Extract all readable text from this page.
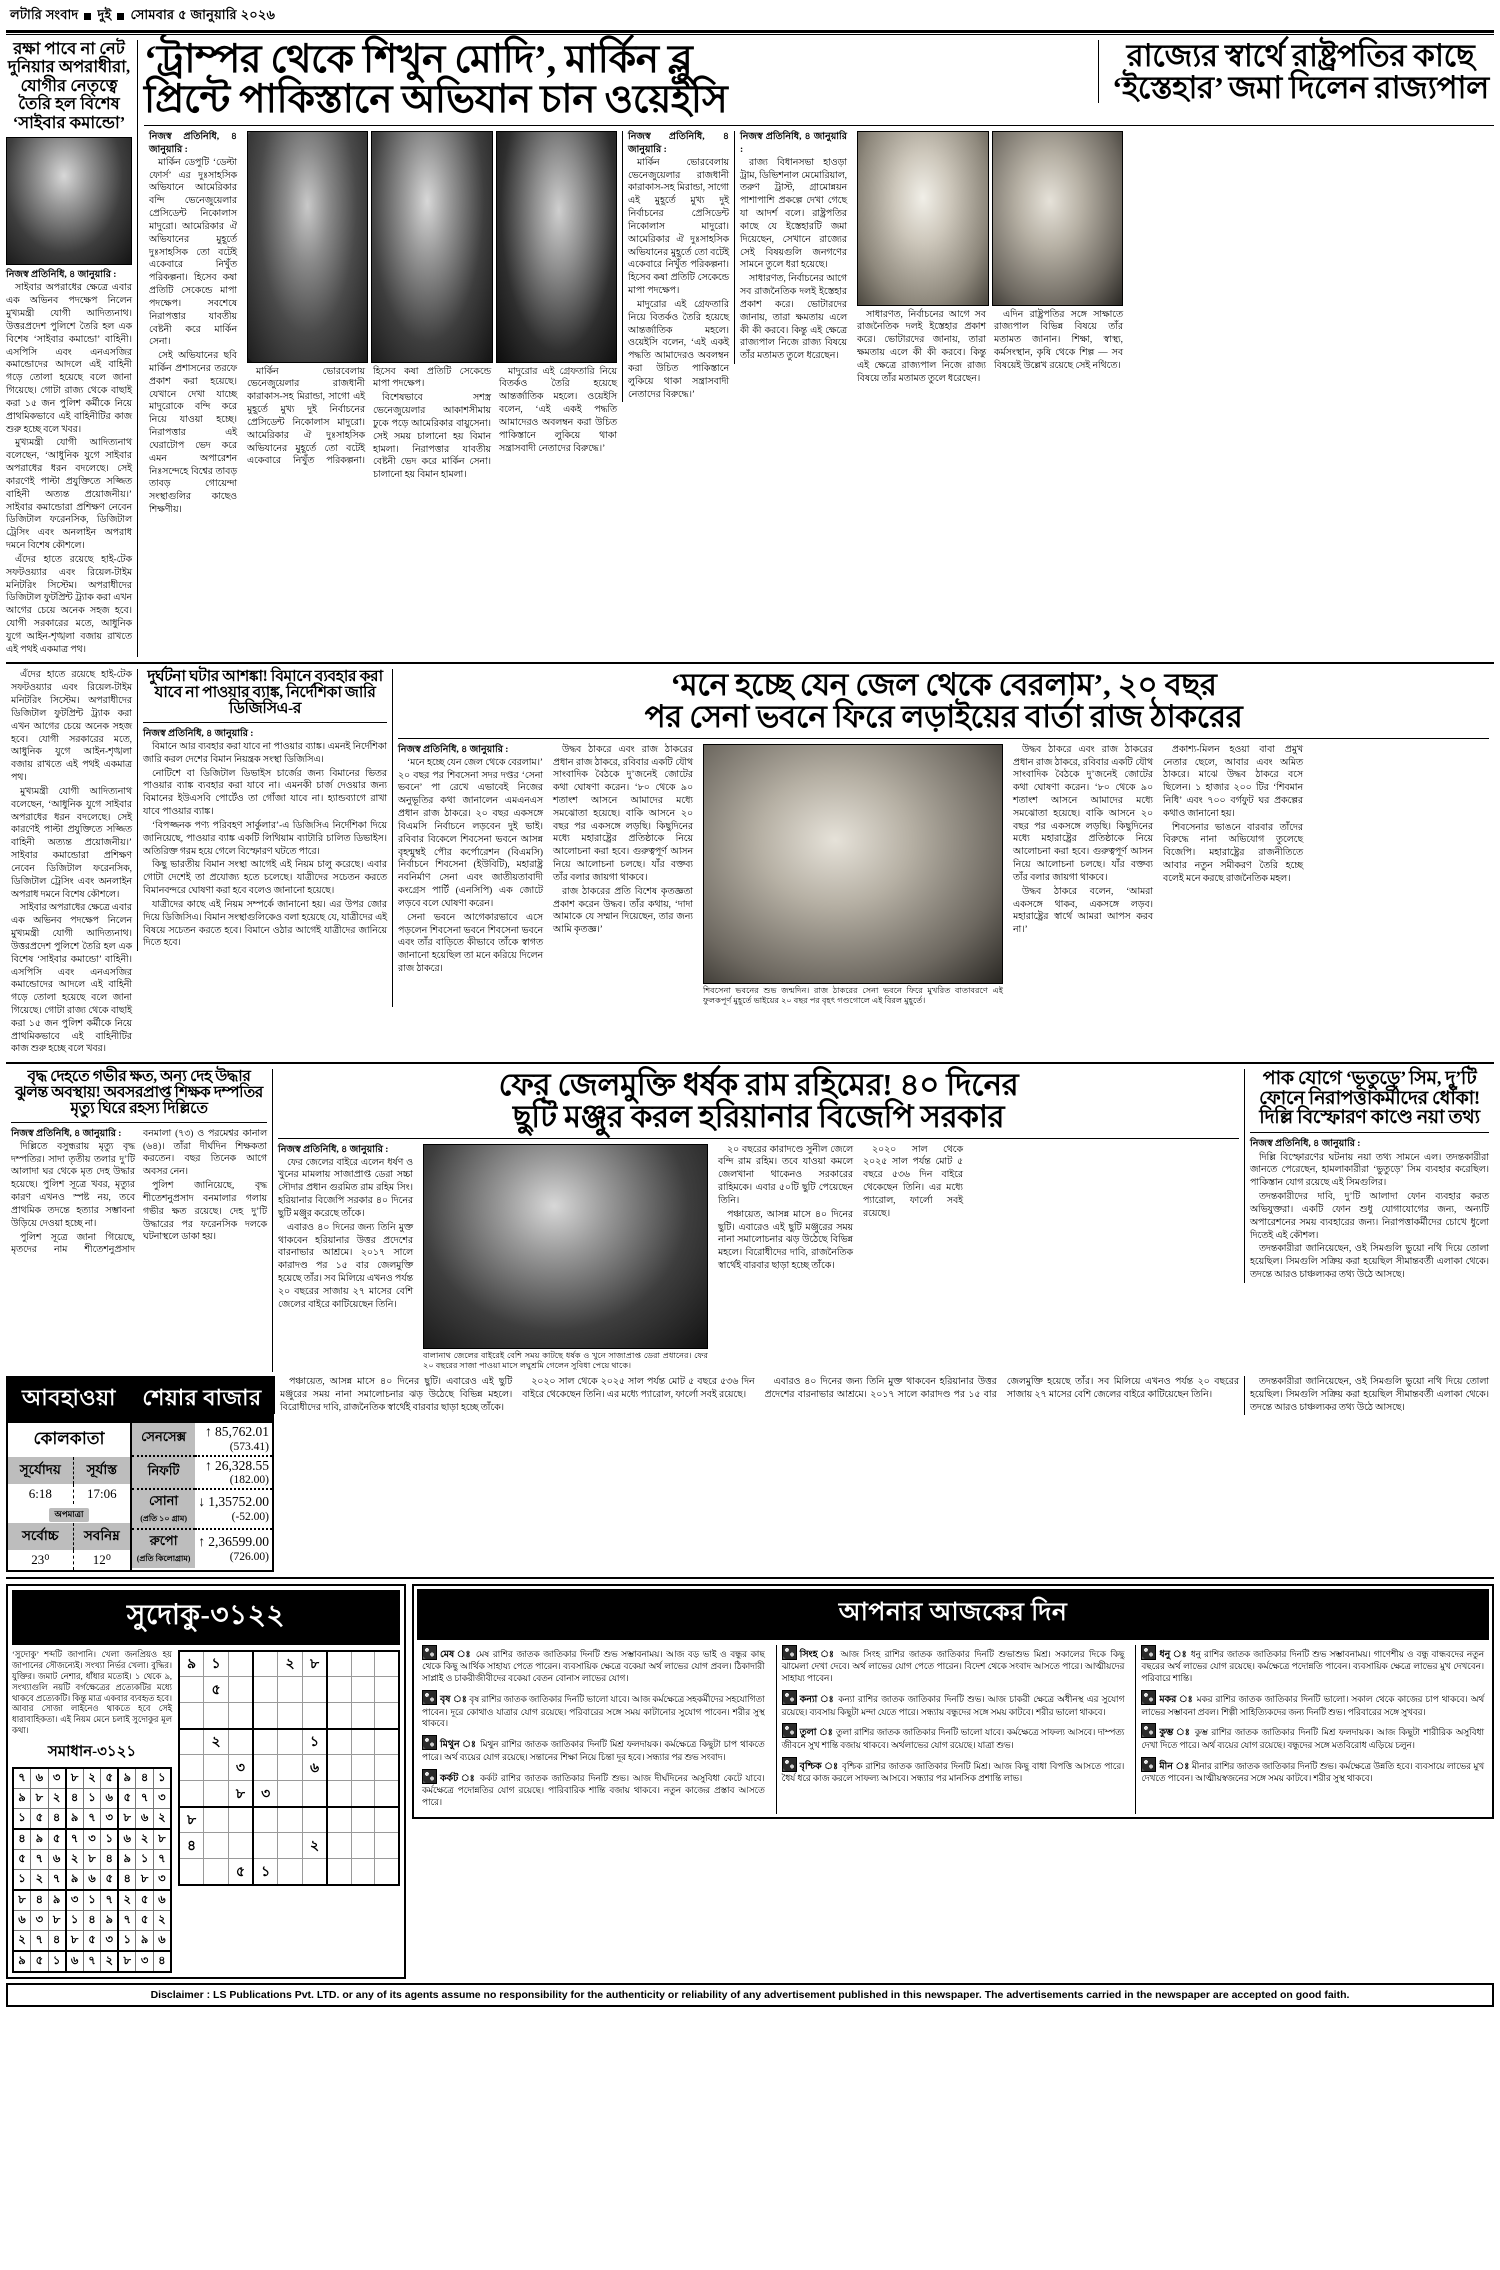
লটারি সংবাদ দুই সোমবার ৫ জানুয়ারি ২০২৬
রক্ষা পাবে না নেট দুনিয়ার অপরাধীরা, যোগীর নেতৃত্বে তৈরি হল বিশেষ ‘সাইবার কমান্ডো’
নিজস্ব প্রতিনিধি, ৪ জানুয়ারি :

সাইবার অপরাধের ক্ষেত্রে এবার এক অভিনব পদক্ষেপ নিলেন মুখ্যমন্ত্রী যোগী আদিত্যনাথ। উত্তরপ্রদেশ পুলিশে তৈরি হল এক বিশেষ ‘সাইবার কমান্ডো’ বাহিনী। এসপিসি এবং এনএসজির কমান্ডোদের আদলে এই বাহিনী গড়ে তোলা হয়েছে বলে জানা গিয়েছে। গোটা রাজ্য থেকে বাছাই করা ১৫ জন পুলিশ কর্মীকে নিয়ে প্রাথমিকভাবে এই বাহিনীটির কাজ শুরু হচ্ছে বলে খবর।

মুখ্যমন্ত্রী যোগী আদিত্যনাথ বলেছেন, ‘আধুনিক যুগে সাইবার অপরাধের ধরন বদলেছে। সেই কারণেই পাল্টা প্রযুক্তিতে সজ্জিত বাহিনী অত্যন্ত প্রয়োজনীয়।’ সাইবার কমান্ডোরা প্রশিক্ষণ নেবেন ডিজিটাল ফরেনসিক, ডিজিটাল ট্রেসিং এবং অনলাইন অপরাধ দমনে বিশেষ কৌশলে।

এঁদের হাতে রয়েছে হাই-টেক সফটওয়্যার এবং রিয়েল-টাইম মনিটরিং সিস্টেম। অপরাধীদের ডিজিটাল ফুটপ্রিন্ট ট্র্যাক করা এখন আগের চেয়ে অনেক সহজ হবে। যোগী সরকারের মতে, আধুনিক যুগে আইন-শৃঙ্খলা বজায় রাখতে এই পথই একমাত্র পথ।

‘ট্রাম্পর থেকে শিখুন মোদি’, মার্কিন ব্লু
প্রিন্টে পাকিস্তানে অভিযান চান ওয়েইসি
রাজ্যের স্বার্থে রাষ্ট্রপতির কাছে
‘ইস্তেহার’ জমা দিলেন রাজ্যপাল
নিজস্ব প্রতিনিধি, ৪ জানুয়ারি :

মার্কিন ডেপুটি ‘ডেল্টা ফোর্স’ এর দুঃসাহসিক অভিযানে আমেরিকার বন্দি ভেনেজুয়েলার প্রেসিডেন্ট নিকোলাস মাদুরো। আমেরিকার ঐ অভিযানের মুহূর্তে দুঃসাহসিক তো বটেই একেবারে নিখুঁত পরিকল্পনা। হিসেব কষা প্রতিটি সেকেন্ডে মাপা পদক্ষেপ। সবশেষে নিরাপত্তার যাবতীয় বেষ্টনী করে মার্কিন সেনা।

সেই অভিযানের ছবি মার্কিন প্রশাসনের তরফে প্রকাশ করা হয়েছে। যেখানে দেখা যাচ্ছে মাদুরোকে বন্দি করে নিয়ে যাওয়া হচ্ছে। নিরাপত্তার এই ঘেরাটোপ ভেদ করে এমন অপারেশন নিঃসন্দেহে বিশ্বের তাবড় তাবড় গোয়েন্দা সংস্থাগুলির কাছেও শিক্ষণীয়।

মার্কিন ভোরবেলায় ভেনেজুয়েলার রাজধানী কারাকাস-সহ মিরান্ডা, সাগো এই মুহূর্তে মুখ্য দুই নির্বাচনের প্রেসিডেন্ট নিকোলাস মাদুরো। আমেরিকার ঐ দুঃসাহসিক অভিযানের মুহূর্তে তো বটেই একেবারে নিখুঁত পরিকল্পনা। হিসেব কষা প্রতিটি সেকেন্ডে মাপা পদক্ষেপ।

বিশেষভাবে সশস্ত্র ভেনেজুয়েলার আকাশসীমায় ঢুকে পড়ে আমেরিকার বায়ুসেনা। সেই সময় চালানো হয় বিমান হামলা। নিরাপত্তার যাবতীয় বেষ্টনী ভেদ করে মার্কিন সেনা। চালানো হয় বিমান হামলা।

মাদুরোর এই গ্রেফতারি নিয়ে বিতর্কও তৈরি হয়েছে আন্তর্জাতিক মহলে। ওয়েইসি বলেন, ‘এই একই পদ্ধতি আমাদেরও অবলম্বন করা উচিত পাকিস্তানে লুকিয়ে থাকা সন্ত্রাসবাদী নেতাদের বিরুদ্ধে।’

নিজস্ব প্রতিনিধি, ৪ জানুয়ারি :

মার্কিন ভোরবেলায় ভেনেজুয়েলার রাজধানী কারাকাস-সহ মিরান্ডা, সাগো এই মুহূর্তে মুখ্য দুই নির্বাচনের প্রেসিডেন্ট নিকোলাস মাদুরো। আমেরিকার ঐ দুঃসাহসিক অভিযানের মুহূর্তে তো বটেই একেবারে নিখুঁত পরিকল্পনা। হিসেব কষা প্রতিটি সেকেন্ডে মাপা পদক্ষেপ।

মাদুরোর এই গ্রেফতারি নিয়ে বিতর্কও তৈরি হয়েছে আন্তর্জাতিক মহলে। ওয়েইসি বলেন, ‘এই একই পদ্ধতি আমাদেরও অবলম্বন করা উচিত পাকিস্তানে লুকিয়ে থাকা সন্ত্রাসবাদী নেতাদের বিরুদ্ধে।’

নিজস্ব প্রতিনিধি, ৪ জানুয়ারি :

রাজ্য বিধানসভা হাওড়া ট্রাম, ডিভিশনাল মেমোরিয়াল, তরুণ ট্রাস্ট, গ্রামোন্নয়ন পাশাপাশি প্রকল্পে দেখা গেছে যা আদর্শ বলে। রাষ্ট্রপতির কাছে যে ইস্তেহারটি জমা দিয়েছেন, সেখানে রাজ্যের সেই বিষয়গুলি জনগণের সামনে তুলে ধরা হয়েছে।

সাধারণত, নির্বাচনের আগে সব রাজনৈতিক দলই ইস্তেহার প্রকাশ করে। ভোটারদের জানায়, তারা ক্ষমতায় এলে কী কী করবে। কিন্তু এই ক্ষেত্রে রাজ্যপাল নিজে রাজ্য বিষয়ে তাঁর মতামত তুলে ধরেছেন।

সাধারণত, নির্বাচনের আগে সব রাজনৈতিক দলই ইস্তেহার প্রকাশ করে। ভোটারদের জানায়, তারা ক্ষমতায় এলে কী কী করবে। কিন্তু এই ক্ষেত্রে রাজ্যপাল নিজে রাজ্য বিষয়ে তাঁর মতামত তুলে ধরেছেন।

এদিন রাষ্ট্রপতির সঙ্গে সাক্ষাতে রাজ্যপাল বিভিন্ন বিষয়ে তাঁর মতামত জানান। শিক্ষা, স্বাস্থ্য, কর্মসংস্থান, কৃষি থেকে শিল্প — সব বিষয়েই উল্লেখ রয়েছে সেই নথিতে।

এঁদের হাতে রয়েছে হাই-টেক সফটওয়্যার এবং রিয়েল-টাইম মনিটরিং সিস্টেম। অপরাধীদের ডিজিটাল ফুটপ্রিন্ট ট্র্যাক করা এখন আগের চেয়ে অনেক সহজ হবে। যোগী সরকারের মতে, আধুনিক যুগে আইন-শৃঙ্খলা বজায় রাখতে এই পথই একমাত্র পথ।

মুখ্যমন্ত্রী যোগী আদিত্যনাথ বলেছেন, ‘আধুনিক যুগে সাইবার অপরাধের ধরন বদলেছে। সেই কারণেই পাল্টা প্রযুক্তিতে সজ্জিত বাহিনী অত্যন্ত প্রয়োজনীয়।’ সাইবার কমান্ডোরা প্রশিক্ষণ নেবেন ডিজিটাল ফরেনসিক, ডিজিটাল ট্রেসিং এবং অনলাইন অপরাধ দমনে বিশেষ কৌশলে।

সাইবার অপরাধের ক্ষেত্রে এবার এক অভিনব পদক্ষেপ নিলেন মুখ্যমন্ত্রী যোগী আদিত্যনাথ। উত্তরপ্রদেশ পুলিশে তৈরি হল এক বিশেষ ‘সাইবার কমান্ডো’ বাহিনী। এসপিসি এবং এনএসজির কমান্ডোদের আদলে এই বাহিনী গড়ে তোলা হয়েছে বলে জানা গিয়েছে। গোটা রাজ্য থেকে বাছাই করা ১৫ জন পুলিশ কর্মীকে নিয়ে প্রাথমিকভাবে এই বাহিনীটির কাজ শুরু হচ্ছে বলে খবর।

দুর্ঘটনা ঘটার আশঙ্কা! বিমানে ব্যবহার করা যাবে না পাওয়ার ব্যাঙ্ক, নির্দেশিকা জারি ডিজিসিএ-র
নিজস্ব প্রতিনিধি, ৪ জানুয়ারি :

বিমানে আর ব্যবহার করা যাবে না পাওয়ার ব্যাঙ্ক। এমনই নির্দেশিকা জারি করল দেশের বিমান নিয়ন্ত্রক সংস্থা ডিজিসিএ।

নোটিশে বা ডিজিটাল ডিভাইস চার্জের জন্য বিমানের ভিতর পাওয়ার ব্যাঙ্ক ব্যবহার করা যাবে না। এমনকী চার্জ দেওয়ার জন্য বিমানের ইউএসবি পোর্টেও তা গোঁজা যাবে না। হ্যান্ডব্যাগে রাখা যাবে পাওয়ার ব্যাঙ্ক।

‘বিপজ্জনক পণ্য পরিবহণ সার্কুলার’-এ ডিজিসিএ নির্দেশিকা দিয়ে জানিয়েছে, পাওয়ার ব্যাঙ্ক একটি লিথিয়াম ব্যাটারি চালিত ডিভাইস। অতিরিক্ত গরম হয়ে গেলে বিস্ফোরণ ঘটতে পারে।

কিছু ভারতীয় বিমান সংস্থা আগেই এই নিয়ম চালু করেছে। এবার গোটা দেশেই তা প্রযোজ্য হতে চলেছে। যাত্রীদের সচেতন করতে বিমানবন্দরে ঘোষণা করা হবে বলেও জানানো হয়েছে।

যাত্রীদের কাছে এই নিয়ম সম্পর্কে জানানো হয়। এর উপর জোর দিয়ে ডিজিসিএ। বিমান সংস্থাগুলিকেও বলা হয়েছে যে, যাত্রীদের এই বিষয়ে সচেতন করতে হবে। বিমানে ওঠার আগেই যাত্রীদের জানিয়ে দিতে হবে।

‘মনে হচ্ছে যেন জেল থেকে বেরলাম’, ২০ বছর
পর সেনা ভবনে ফিরে লড়াইয়ের বার্তা রাজ ঠাকরের
নিজস্ব প্রতিনিধি, ৪ জানুয়ারি :

‘মনে হচ্ছে যেন জেল থেকে বেরলাম।’ ২০ বছর পর শিবসেনা সদর দপ্তর ‘সেনা ভবনে’ পা রেখে এভাবেই নিজের অনুভূতির কথা জানালেন এমএনএস প্রধান রাজ ঠাকরে। ২০ বছর একসঙ্গে বিএমসি নির্বাচনে লড়বেন দুই ভাই। রবিবার বিকেলে শিবসেনা ভবনে আসন্ন বৃহন্মুম্বই পৌর কর্পোরেশন (বিএমসি) নির্বাচনে শিবসেনা (ইউবিটি), মহারাষ্ট্র নবনির্মাণ সেনা এবং জাতীয়তাবাদী কংগ্রেস পার্টি (এনসিপি) এক জোটে লড়বে বলে ঘোষণা করেন।

সেনা ভবনে আগেকারভাবে এসে পড়লেন শিবসেনা ভবনে শিবসেনা ভবনে এবং তাঁর বাড়িতে কীভাবে তাঁকে স্বাগত জানানো হয়েছিল তা মনে করিয়ে দিলেন রাজ ঠাকরে।

উদ্ধব ঠাকরে এবং রাজ ঠাকরের প্রধান রাজ ঠাকরে, রবিবার একটি যৌথ সাংবাদিক বৈঠকে দু’জনেই জোটের কথা ঘোষণা করেন। ‘৮০ থেকে ৯০ শতাংশ আসনে আমাদের মধ্যে সমঝোতা হয়েছে। বাকি আসনে ২০ বছর পর একসঙ্গে লড়ছি। কিছুদিনের মধ্যে মহারাষ্ট্রের প্রতিষ্ঠাকে নিয়ে আলোচনা করা হবে। গুরুত্বপূর্ণ আসন নিয়ে আলোচনা চলছে। যাঁর বক্তব্য তাঁর বলার জায়গা থাকবে।

রাজ ঠাকরের প্রতি বিশেষ কৃতজ্ঞতা প্রকাশ করেন উদ্ধব। তাঁর কথায়, ‘দাদা আমাকে যে সম্মান দিয়েছেন, তার জন্য আমি কৃতজ্ঞ।’

শিবসেনা ভবনের শুভ জন্মদিন। রাজ ঠাকরের সেনা ভবনে ফিরে মুখরিত বাতাবরণে এই ফুলকপূর্ণ মুহূর্তে ভাইয়ের ২০ বছর পর বৃহৎ গণ্ডগোলে এই বিরল মুহূর্তে।

উদ্ধব ঠাকরে এবং রাজ ঠাকরের প্রধান রাজ ঠাকরে, রবিবার একটি যৌথ সাংবাদিক বৈঠকে দু’জনেই জোটের কথা ঘোষণা করেন। ‘৮০ থেকে ৯০ শতাংশ আসনে আমাদের মধ্যে সমঝোতা হয়েছে। বাকি আসনে ২০ বছর পর একসঙ্গে লড়ছি। কিছুদিনের মধ্যে মহারাষ্ট্রের প্রতিষ্ঠাকে নিয়ে আলোচনা করা হবে। গুরুত্বপূর্ণ আসন নিয়ে আলোচনা চলছে। যাঁর বক্তব্য তাঁর বলার জায়গা থাকবে।

উদ্ধব ঠাকরে বলেন, ‘আমরা একসঙ্গে থাকব, একসঙ্গে লড়ব। মহারাষ্ট্রের স্বার্থে আমরা আপস করব না।’

প্রকাশ্য-মিলন হওয়া বাবা প্রমুখ নেতার ছেলে, আবার এবং অমিত ঠাকরে। মাঝে উদ্ধব ঠাকরে বসে ছিলেন। ১ হাজার ২০০ টির ‘শিবমান নিধি’ এবং ৭০০ বর্গফুট ঘর প্রকল্পের কথাও জানানো হয়।

শিবসেনার ভাঙনে বারবার তাঁদের বিরুদ্ধে নানা অভিযোগ তুলেছে বিজেপি। মহারাষ্ট্রের রাজনীতিতে আবার নতুন সমীকরণ তৈরি হচ্ছে বলেই মনে করছে রাজনৈতিক মহল।

বৃদ্ধ দেহতে গভীর ক্ষত, অন্য দেহ উদ্ধার ঝুলন্ত অবস্থায়! অবসরপ্রাপ্ত শিক্ষক দম্পতির মৃত্যু ঘিরে রহস্য দিল্লিতে
নিজস্ব প্রতিনিধি, ৪ জানুয়ারি :

দিল্লিতে বসুন্ধরায় মৃত্যু বৃদ্ধ দম্পতির। সাদা তৃতীয় তলার দু’টি আলাদা ঘর থেকে মৃত দেহ উদ্ধার হয়েছে। পুলিশ সূত্রে খবর, মৃত্যুর কারণ এখনও স্পষ্ট নয়, তবে প্রাথমিক তদন্তে হত্যার সম্ভাবনা উড়িয়ে দেওয়া হচ্ছে না।

পুলিশ সূত্রে জানা গিয়েছে, মৃতদের নাম শীতেশনুপ্রসাদ বনমালা (৭৩) ও পরমেশ্বর কানাল (৬৪)। তাঁরা দীর্ঘদিন শিক্ষকতা করতেন। বছর তিনেক আগে অবসর নেন।

পুলিশ জানিয়েছে, বৃদ্ধ শীতেশনুপ্রসাদ বনমালার গলায় গভীর ক্ষত রয়েছে। দেহ দু’টি উদ্ধারের পর ফরেনসিক দলকে ঘটনাস্থলে ডাকা হয়।

ফের জেলমুক্তি ধর্ষক রাম রহিমের! ৪০ দিনের
ছুটি মঞ্জুর করল হরিয়ানার বিজেপি সরকার
নিজস্ব প্রতিনিধি, ৪ জানুয়ারি :

ফের জেলের বাইরে এলেন ধর্ষণ ও খুনের মামলায় সাজাপ্রাপ্ত ডেরা সচ্চা সৌদার প্রধান গুরমিত রাম রহিম সিং। হরিয়ানার বিজেপি সরকার ৪০ দিনের ছুটি মঞ্জুর করেছে তাঁকে।

এবারও ৪০ দিনের জন্য তিনি মুক্ত থাকবেন হরিয়ানার উত্তর প্রদেশের বারনাভার আশ্রমে। ২০১৭ সালে কারাদণ্ড পর ১৫ বার জেলমুক্তি হয়েছে তাঁর। সব মিলিয়ে এখনও পর্যন্ত ২০ বছরের সাজায় ২৭ মাসের বেশি জেলের বাইরে কাটিয়েছেন তিনি।

বালানাথ জেলের বাইরেই বেশি সময় কাটছে ধর্ষক ও খুনে সাজাপ্রাপ্ত ডেরা প্রধানের। ফের ২০ বছরের সাজা পাওয়া মাসে লঘুশ্রমি গেলেন সুবিধা পেয়ে থাকে।

২০ বছরের কারাদণ্ডে সুনীল জেলে বন্দি রাম রহিম। তবে যাওয়া কমলে জেলখানা থাকেনও সরকারের রাহিমকে। এবার ৫০টি ছুটি পেয়েছেন তিনি।

পঞ্চায়েত, আসন্ন মাসে ৪০ দিনের ছুটি। এবারেও এই ছুটি মঞ্জুরের সময় নানা সমালোচনার ঝড় উঠেছে বিভিন্ন মহলে। বিরোধীদের দাবি, রাজনৈতিক স্বার্থেই বারবার ছাড়া হচ্ছে তাঁকে।

২০২০ সাল থেকে ২০২৫ সাল পর্যন্ত মোট ৫ বছরে ৫৩৬ দিন বাইরে থেকেছেন তিনি। এর মধ্যে প্যারোল, ফার্লো সবই রয়েছে।

পাক যোগে ‘ভূতুড়ে’ সিম, দু’টি
ফোনে নিরাপত্তাকর্মীদের ধোঁকা!
দিল্লি বিস্ফোরণ কাণ্ডে নয়া তথ্য
নিজস্ব প্রতিনিধি, ৪ জানুয়ারি :

দিল্লি বিস্ফোরণের ঘটনায় নয়া তথ্য সামনে এল। তদন্তকারীরা জানতে পেরেছেন, হামলাকারীরা ‘ভুতুড়ে’ সিম ব্যবহার করেছিল। পাকিস্তান যোগ রয়েছে এই সিমগুলির।

তদন্তকারীদের দাবি, দু’টি আলাদা ফোন ব্যবহার করত অভিযুক্তরা। একটি ফোন শুধু যোগাযোগের জন্য, অন্যটি অপারেশনের সময় ব্যবহারের জন্য। নিরাপত্তাকর্মীদের চোখে ধুলো দিতেই এই কৌশল।

তদন্তকারীরা জানিয়েছেন, ওই সিমগুলি ভুয়ো নথি দিয়ে তোলা হয়েছিল। সিমগুলি সক্রিয় করা হয়েছিল সীমান্তবর্তী এলাকা থেকে। তদন্তে আরও চাঞ্চল্যকর তথ্য উঠে আসছে।

আবহাওয়া
কোলকাতা
সূর্যোদয়	সূর্যাস্ত
6:18	17:06
অপমাত্রা	
সর্বোচ্চ	সবনিম্ন
23⁰	12⁰
শেয়ার বাজার
সেনসেক্স	↑ 85,762.01
(573.41)

নিফটি	↑ 26,328.55
(182.00)

সোনা
(প্রতি ১০ গ্রাম)	↓ 1,35752.00
(-52.00)

রুপো
(প্রতি কিলোগ্রাম)	↑ 2,36599.00
(726.00)

পঞ্চায়েত, আসন্ন মাসে ৪০ দিনের ছুটি। এবারেও এই ছুটি মঞ্জুরের সময় নানা সমালোচনার ঝড় উঠেছে বিভিন্ন মহলে। বিরোধীদের দাবি, রাজনৈতিক স্বার্থেই বারবার ছাড়া হচ্ছে তাঁকে।

২০২০ সাল থেকে ২০২৫ সাল পর্যন্ত মোট ৫ বছরে ৫৩৬ দিন বাইরে থেকেছেন তিনি। এর মধ্যে প্যারোল, ফার্লো সবই রয়েছে।

এবারও ৪০ দিনের জন্য তিনি মুক্ত থাকবেন হরিয়ানার উত্তর প্রদেশের বারনাভার আশ্রমে। ২০১৭ সালে কারাদণ্ড পর ১৫ বার জেলমুক্তি হয়েছে তাঁর। সব মিলিয়ে এখনও পর্যন্ত ২০ বছরের সাজায় ২৭ মাসের বেশি জেলের বাইরে কাটিয়েছেন তিনি।

তদন্তকারীরা জানিয়েছেন, ওই সিমগুলি ভুয়ো নথি দিয়ে তোলা হয়েছিল। সিমগুলি সক্রিয় করা হয়েছিল সীমান্তবর্তী এলাকা থেকে। তদন্তে আরও চাঞ্চল্যকর তথ্য উঠে আসছে।

সুদোকু-৩১২২
‘সুদোকু’ শব্দটি জাপানি। খেলা জনপ্রিয়ও হয় জাপানের সৌজন্যেই। সংখ্যা নির্ভর খেলা। বুদ্ধির। যুক্তির। জমাট নেশার, ধাঁধার মতোই। ১ থেকে ৯, সংখ্যাগুলি নয়টি বর্গক্ষেত্রের প্রত্যেকটির মধ্যে থাকবে প্রত্যেকটি। কিন্তু মাত্র একবার ব্যবহৃত হবে। আবার সোজা লাইনেও থাকতে হবে সেই ধারাবাহিকতা। এই নিয়ম মেনে চলাই সুদোকুর মূল কথা।
সমাধান-৩১২১
৭	৬	৩	৮	২	৫	৯	৪	১
৯	৮	২	৪	১	৬	৫	৭	৩
১	৫	৪	৯	৭	৩	৮	৬	২
৪	৯	৫	৭	৩	১	৬	২	৮
৫	৭	৬	২	৮	৪	৯	১	৭
১	২	৭	৯	৬	৫	৪	৮	৩
৮	৪	৯	৩	১	৭	২	৫	৬
৬	৩	৮	১	৪	৯	৭	৫	২
২	৭	৪	৮	৫	৩	১	৯	৬
৯	৫	১	৬	৭	২	৮	৩	৪
৯	১			২	৮			
	৫							

	২				১			
		৩			৬			
		৮	৩					
৮								
৪					২			
		৫	১					
আপনার আজকের দিন
মেষ ঃ মেষ রাশির জাতক জাতিকার দিনটি শুভ সম্ভাবনাময়। আজ বড় ভাই ও বন্ধুর কাছ থেকে কিছু আর্থিক সাহায্য পেতে পারেন। ব্যবসায়িক ক্ষেত্রে বকেয়া অর্থ লাভের যোগ প্রবল। ঠিকাদারী সাপ্লাই ও চাকরীজীবীদের বকেয়া বেতন বোনাস লাভের যোগ।
বৃষ ঃ বৃষ রাশির জাতক জাতিকার দিনটি ভালো যাবে। আজ কর্মক্ষেত্রে সহকর্মীদের সহযোগিতা পাবেন। দূরে কোথাও যাত্রার যোগ রয়েছে। পরিবারের সঙ্গে সময় কাটানোর সুযোগ পাবেন। শরীর সুস্থ থাকবে।
মিথুন ঃ মিথুন রাশির জাতক জাতিকার দিনটি মিশ্র ফলদায়ক। কর্মক্ষেত্রে কিছুটা চাপ থাকতে পারে। অর্থ ব্যয়ের যোগ রয়েছে। সন্তানের শিক্ষা নিয়ে চিন্তা দূর হবে। সন্ধ্যার পর শুভ সংবাদ।
কর্কট ঃ কর্কট রাশির জাতক জাতিকার দিনটি শুভ। আজ দীর্ঘদিনের অসুবিধা কেটে যাবে। কর্মক্ষেত্রে পদোন্নতির যোগ রয়েছে। পারিবারিক শান্তি বজায় থাকবে। নতুন কাজের প্রস্তাব আসতে পারে।
সিংহ ঃ আজ সিংহ রাশির জাতক জাতিকার দিনটি শুভাশুভ মিশ্র। সকালের দিকে কিছু ঝামেলা দেখা দেবে। অর্থ লাভের যোগ পেতে পারেন। বিদেশ থেকে সংবাদ আসতে পারে। আত্মীয়দের সাহায্য পাবেন।
কন্যা ঃ কন্যা রাশির জাতক জাতিকার দিনটি শুভ। আজ চাকরী ক্ষেত্রে অধীনস্থ এর সুযোগ রয়েছে। ব্যবসায় কিছুটা মন্দা যেতে পারে। সন্ধ্যায় বন্ধুদের সঙ্গে সময় কাটবে। শরীর ভালো থাকবে।
তুলা ঃ তুলা রাশির জাতক জাতিকার দিনটি ভালো যাবে। কর্মক্ষেত্রে সাফল্য আসবে। দাম্পত্য জীবনে সুখ শান্তি বজায় থাকবে। অর্থলাভের যোগ রয়েছে। যাত্রা শুভ।
বৃশ্চিক ঃ বৃশ্চিক রাশির জাতক জাতিকার দিনটি মিশ্র। আজ কিছু বাধা বিপত্তি আসতে পারে। ধৈর্য ধরে কাজ করলে সাফল্য আসবে। সন্ধ্যার পর মানসিক প্রশান্তি লাভ।
ধনু ঃ ধনু রাশির জাতক জাতিকার দিনটি শুভ সম্ভাবনাময়। গাণেশীয় ও বন্ধু বান্ধবদের নতুন বছরের অর্থ লাভের যোগ রয়েছে। কর্মক্ষেত্রে পদোন্নতি পাবেন। ব্যবসায়িক ক্ষেত্রে লাভের মুখ দেখবেন। পরিবারে শান্তি।
মকর ঃ মকর রাশির জাতক জাতিকার দিনটি ভালো। সকাল থেকে কাজের চাপ থাকবে। অর্থ লাভের সম্ভাবনা প্রবল। শিল্পী সাহিত্যিকদের জন্য দিনটি শুভ। পরিবারের সঙ্গে সুখবর।
কুম্ভ ঃ কুম্ভ রাশির জাতক জাতিকার দিনটি মিশ্র ফলদায়ক। আজ কিছুটা শারীরিক অসুবিধা দেখা দিতে পারে। অর্থ ব্যয়ের যোগ রয়েছে। বন্ধুদের সঙ্গে মতবিরোধ এড়িয়ে চলুন।
মীন ঃ মীনার রাশির জাতক জাতিকার দিনটি শুভ। কর্মক্ষেত্রে উন্নতি হবে। ব্যবসায়ে লাভের মুখ দেখতে পাবেন। আত্মীয়স্বজনের সঙ্গে সময় কাটবে। শরীর সুস্থ থাকবে।
Disclaimer : LS Publications Pvt. LTD. or any of its agents assume no responsibility for the authenticity or reliability of any advertisement published in this newspaper. The advertisements carried in the newspaper are accepted on good faith.
